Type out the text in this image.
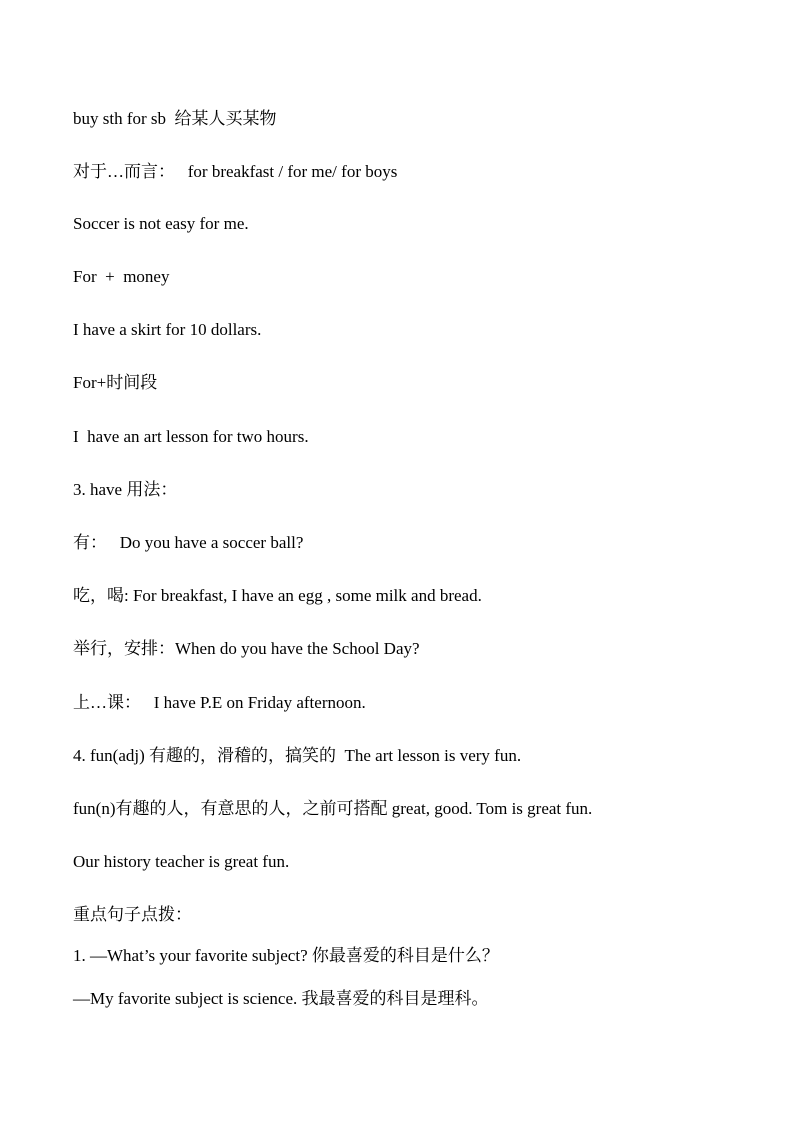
buy sth for sb  给某人买某物
对于…而言：   for breakfast / for me/ for boys
Soccer is not easy for me.
For  +  money
I have a skirt for 10 dollars.
For+时间段
I  have an art lesson for two hours.
3. have 用法：
有：   Do you have a soccer ball?
吃，喝: For breakfast, I have an egg , some milk and bread.
举行，安排：When do you have the School Day?
上…课：   I have P.E on Friday afternoon.
4. fun(adj) 有趣的，滑稽的，搞笑的  The art lesson is very fun.
fun(n)有趣的人，有意思的人，之前可搭配 great, good. Tom is great fun.
Our history teacher is great fun.
重点句子点拨：
1. —What’s your favorite subject? 你最喜爱的科目是什么？
—My favorite subject is science. 我最喜爱的科目是理科。
